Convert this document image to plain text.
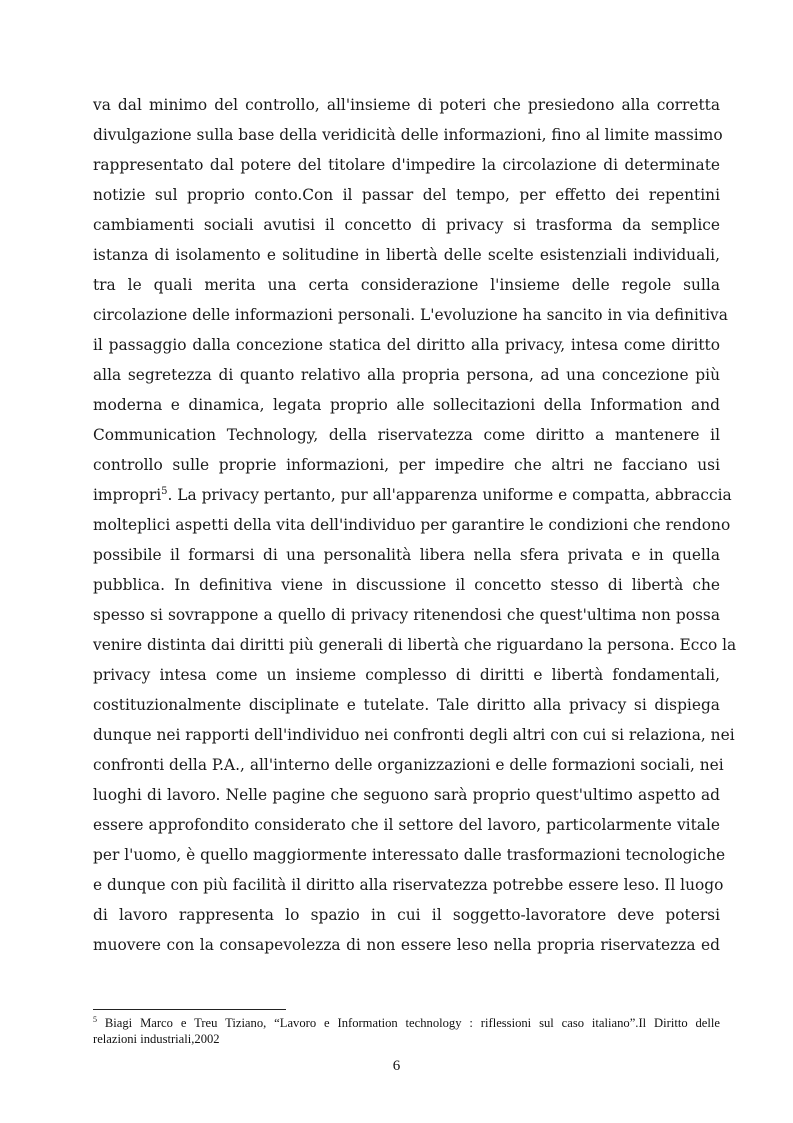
va dal minimo del controllo, all'insieme di poteri che presiedono alla corretta
divulgazione sulla base della veridicità delle informazioni, fino al limite massimo
rappresentato dal potere del titolare d'impedire la circolazione di determinate
notizie sul proprio conto.Con il passar del tempo, per effetto dei repentini
cambiamenti sociali avutisi il concetto di privacy si trasforma da semplice
istanza di isolamento e solitudine in libertà delle scelte esistenziali individuali,
tra le quali merita una certa considerazione l'insieme delle regole sulla
circolazione delle informazioni personali. L'evoluzione ha sancito in via definitiva
il passaggio dalla concezione statica del diritto alla privacy, intesa come diritto
alla segretezza di quanto relativo alla propria persona, ad una concezione più
moderna e dinamica, legata proprio alle sollecitazioni della Information and
Communication Technology, della riservatezza come diritto a mantenere il
controllo sulle proprie informazioni, per impedire che altri ne facciano usi
impropri$^5$. La privacy pertanto, pur all'apparenza uniforme e compatta, abbraccia
molteplici aspetti della vita dell'individuo per garantire le condizioni che rendono
possibile il formarsi di una personalità libera nella sfera privata e in quella
pubblica. In definitiva viene in discussione il concetto stesso di libertà che
spesso si sovrappone a quello di privacy ritenendosi che quest'ultima non possa
venire distinta dai diritti più generali di libertà che riguardano la persona. Ecco la
privacy intesa come un insieme complesso di diritti e libertà fondamentali,
costituzionalmente disciplinate e tutelate. Tale diritto alla privacy si dispiega
dunque nei rapporti dell'individuo nei confronti degli altri con cui si relaziona, nei
confronti della P.A., all'interno delle organizzazioni e delle formazioni sociali, nei
luoghi di lavoro. Nelle pagine che seguono sarà proprio quest'ultimo aspetto ad
essere approfondito considerato che il settore del lavoro, particolarmente vitale
per l'uomo, è quello maggiormente interessato dalle trasformazioni tecnologiche
e dunque con più facilità il diritto alla riservatezza potrebbe essere leso. Il luogo
di lavoro rappresenta lo spazio in cui il soggetto-lavoratore deve potersi
muovere con la consapevolezza di non essere leso nella propria riservatezza ed
$^5$ Biagi Marco e Treu Tiziano, “Lavoro e Information technology : riflessioni sul caso italiano”.Il Diritto delle
relazioni industriali,2002
6
